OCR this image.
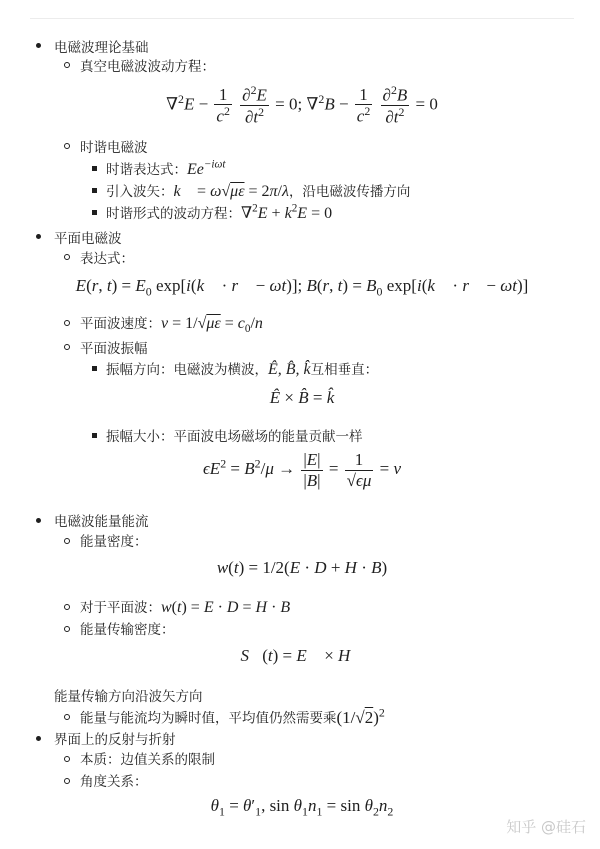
电磁波理论基础
真空电磁波波动方程：
$\nabla^2E - \frac{1}{c^2}$
$\frac{\partial^2E}{\partial t^2} = 0$; $\nabla^2B - \frac{1}{c^2}$
$\frac{\partial^2B}{\partial t^2} = 0$
时谐电磁波
时谐表达式：$Ee^{-i\omega t}$
引入波矢：k⃗ = ω√με = 2π/λ，沿电磁波传播方向
时谐形式的波动方程：$\nabla^2E + k^2E = 0$
平面电磁波
表达式：
E(r, $t) = E_0$ exp[i(k⃗ · r⃗ − ωt)]; B(r, $t) = B_0$ exp[i(k⃗ · r⃗ − ωt)]
平面波速度：$v = 1/√\mu\varepsilon = c_0/n$
平面波振幅
振幅方向：电磁波为横波，Ê, B̂, k̂互相垂直：
Ê × B̂ = k̂
振幅大小：平面波电场磁场的能量贡献一样
$\epsilon E^2 = B^2/\mu \to \frac{|E|}{|B|} = \frac{1}{√\epsilon\mu} = v$
电磁波能量能流
能量密度：
w(t) = 1/2(E · D + H · B)
对于平面波：w(t) = E · D = H · B
能量传输密度：
S⃗(t) = E⃗ × H⃗
能量传输方向沿波矢方向
能量与能流均为瞬时值，平均值仍然需要乘$(1/√2)^2$
界面上的反射与折射
本质：边值关系的限制
角度关系：
$\theta_1 = \theta'_1$, $\sin \theta_1n_1 = \sin \theta_2n_2$
知乎 @硅石
